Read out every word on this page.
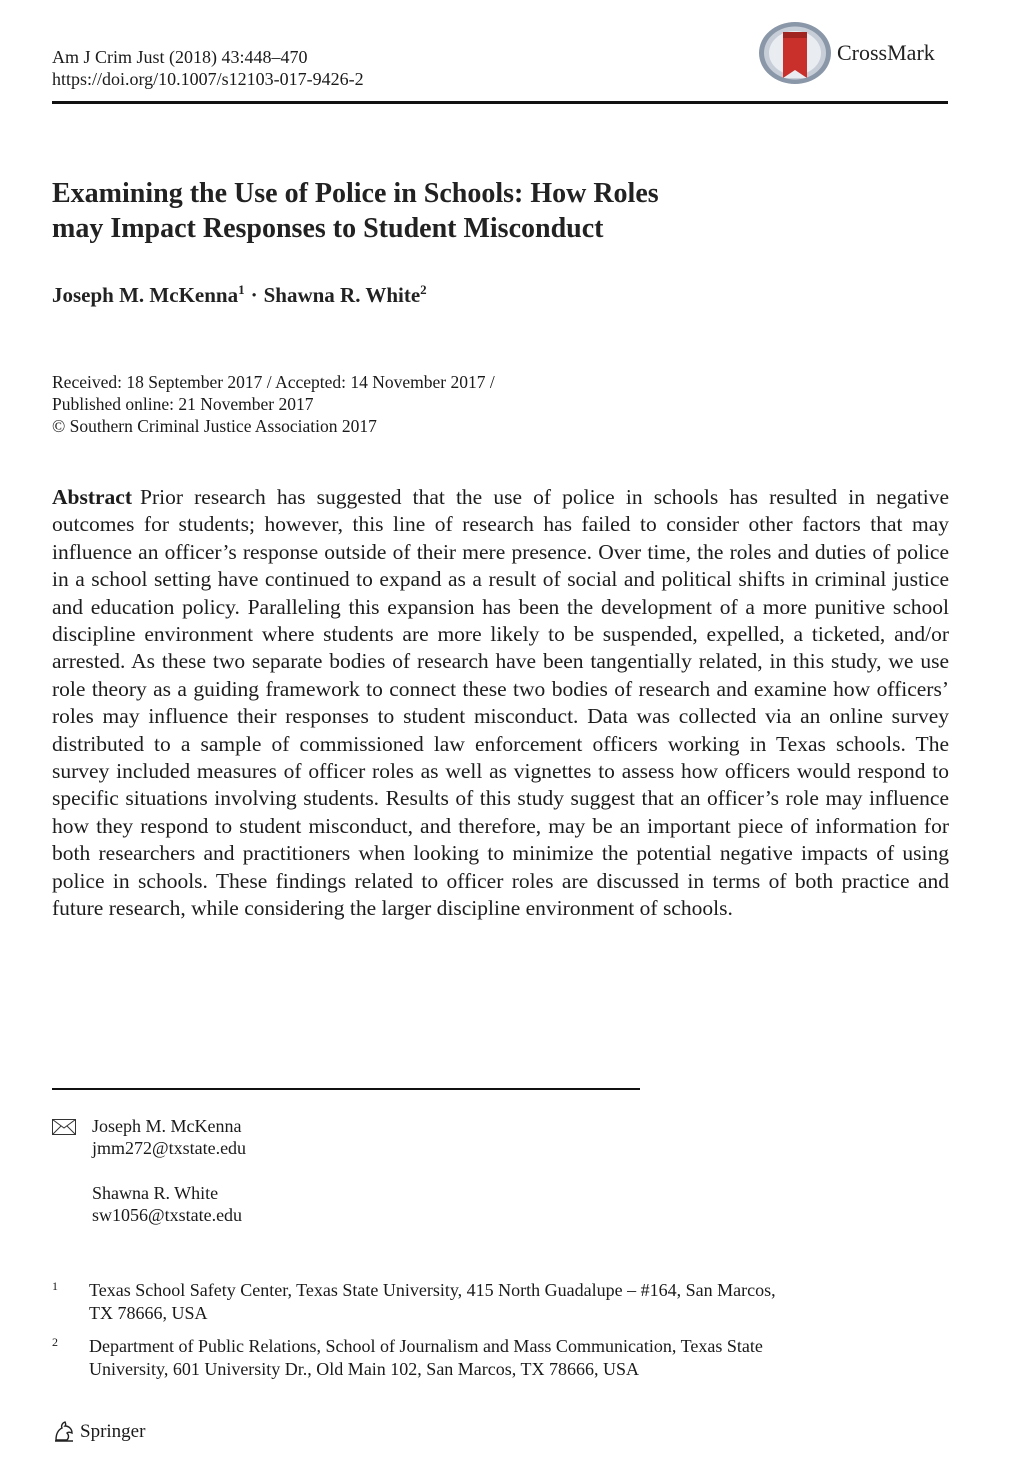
Am J Crim Just (2018) 43:448–470
https://doi.org/10.1007/s12103-017-9426-2
CrossMark
Examining the Use of Police in Schools: How Roles
may Impact Responses to Student Misconduct
Joseph M. McKenna$^1$ · Shawna R. White$^2$
Received: 18 September 2017 / Accepted: 14 November 2017 /
Published online: 21 November 2017
© Southern Criminal Justice Association 2017

Abstract Prior research has suggested that the use of police in schools has resulted in negative outcomes for students; however, this line of research has failed to consider other factors that may influence an officer’s response outside of their mere presence. Over time, the roles and duties of police in a school setting have continued to expand as a result of social and political shifts in criminal justice and education policy. Paralleling this expansion has been the development of a more punitive school discipline environment where students are more likely to be suspended, expelled, a ticketed, and/or arrested. As these two separate bodies of research have been tangentially related, in this study, we use role theory as a guiding framework to connect these two bodies of research and examine how officers’ roles may influence their responses to student misconduct. Data was collected via an online survey distributed to a sample of commissioned law enforcement officers working in Texas schools. The survey included measures of officer roles as well as vignettes to assess how officers would respond to specific situations involving students. Results of this study suggest that an officer’s role may influence how they respond to student misconduct, and therefore, may be an important piece of information for both researchers and practitioners when looking to minimize the potential negative impacts of using police in schools. These findings related to officer roles are discussed in terms of both practice and future research, while considering the larger discipline environment of schools.

Joseph M. McKenna
jmm272@txstate.edu
Shawna R. White
sw1056@txstate.edu
1 Texas School Safety Center, Texas State University, 415 North Guadalupe – #164, San Marcos,
TX 78666, USA
2 Department of Public Relations, School of Journalism and Mass Communication, Texas State
University, 601 University Dr., Old Main 102, San Marcos, TX 78666, USA
Springer
